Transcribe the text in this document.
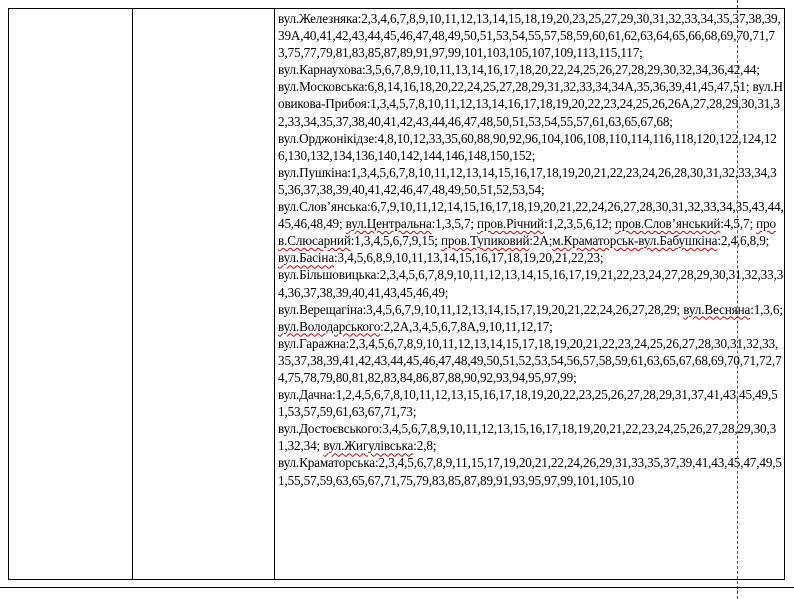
вул.Железняка:2,3,4,6,7,8,9,10,11,12,13,14,15,18,19,20,23,25,27,29,30,31,32,33,34,35,37,38,39,39А,40,41,42,43,44,45,46,47,48,49,50,51,53,54,55,57,58,59,60,61,62,63,64,65,66,68,69,70,71,73,75,77,79,81,83,85,87,89,91,97,99,101,103,105,107,109,113,115,117;
вул.Карнаухова:3,5,6,7,8,9,10,11,13,14,16,17,18,20,22,24,25,26,27,28,29,30,32,34,36,42,44;
вул.Московська:6,8,14,16,18,20,22,24,25,27,28,29,31,32,33,34,34А,35,36,39,41,45,47,51; вул.Новикова-Прибоя:1,3,4,5,7,8,10,11,12,13,14,16,17,18,19,20,22,23,24,25,26,26А,27,28,29,30,31,32,33,34,35,37,38,40,41,42,43,44,46,47,48,50,51,53,54,55,57,61,63,65,67,68;
вул.Орджонікідзе:4,8,10,12,33,35,60,88,90,92,96,104,106,108,110,114,116,118,120,122,124,126,130,132,134,136,140,142,144,146,148,150,152;
вул.Пушкіна:1,3,4,5,6,7,8,10,11,12,13,14,15,16,17,18,19,20,21,22,23,24,26,28,30,31,32,33,34,35,36,37,38,39,40,41,42,46,47,48,49,50,51,52,53,54;
вул.Слов’янська:6,7,9,10,11,12,14,15,16,17,18,19,20,21,22,24,26,27,28,30,31,32,33,34,35,43,44,45,46,48,49; вул.Центральна:1,3,5,7; пров.Річний:1,2,3,5,6,12; пров.Слов’янський:4,5,7; пров.Слюсарний:1,3,4,5,6,7,9,15; пров.Тупиковий:2А;м.Краматорськ-вул.Бабушкіна:2,4,6,8,9;
вул.Басіна:3,4,5,6,8,9,10,11,13,14,15,16,17,18,19,20,21,22,23;
вул.Більшовицька:2,3,4,5,6,7,8,9,10,11,12,13,14,15,16,17,19,21,22,23,24,27,28,29,30,31,32,33,34,36,37,38,39,40,41,43,45,46,49;
вул.Верещагіна:3,4,5,6,7,9,10,11,12,13,14,15,17,19,20,21,22,24,26,27,28,29; вул.Весняна:1,3,6; вул.Володарського:2,2А,3,4,5,6,7,8А,9,10,11,12,17;
вул.Гаражна:2,3,4,5,6,7,8,9,10,11,12,13,14,15,17,18,19,20,21,22,23,24,25,26,27,28,30,31,32,33,35,37,38,39,41,42,43,44,45,46,47,48,49,50,51,52,53,54,56,57,58,59,61,63,65,67,68,69,70,71,72,74,75,78,79,80,81,82,83,84,86,87,88,90,92,93,94,95,97,99;
вул.Дачна:1,2,4,5,6,7,8,10,11,12,13,15,16,17,18,19,20,22,23,25,26,27,28,29,31,37,41,43,45,49,51,53,57,59,61,63,67,71,73;
вул.Достоєвського:3,4,5,6,7,8,9,10,11,12,13,15,16,17,18,19,20,21,22,23,24,25,26,27,28,29,30,31,32,34; вул.Жигулівська:2,8;
вул.Краматорська:2,3,4,5,6,7,8,9,11,15,17,19,20,21,22,24,26,29,31,33,35,37,39,41,43,45,47,49,51,55,57,59,63,65,67,71,75,79,83,85,87,89,91,93,95,97,99,101,105,10
